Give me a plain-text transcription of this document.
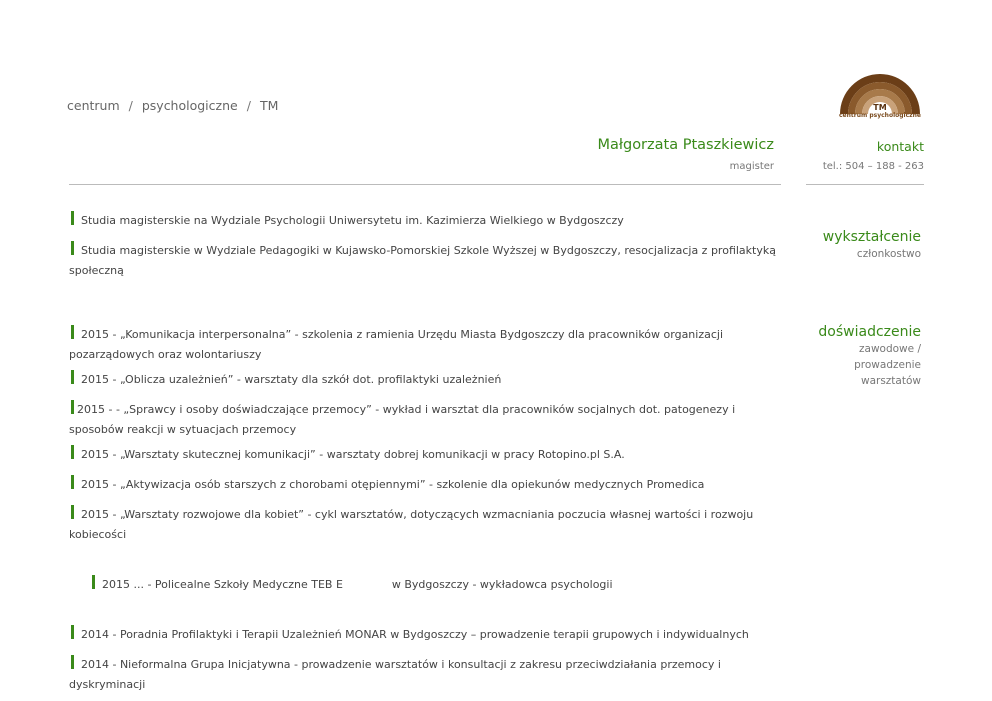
centrum / psychologiczne / TM	TM
centrum psychologiczne
Małgorzata Ptaszkiewicz
magister
kontakt
tel.: 504 – 188 - 263

Studia magisterskie na Wydziale Psychologii Uniwersytetu im. Kazimierza Wielkiego w Bydgoszczy

Studia magisterskie w Wydziale Pedagogiki w Kujawsko-Pomorskiej Szkole Wyższej w Bydgoszczy, resocjalizacja z profilaktyką społeczną

2015 - „Komunikacja interpersonalna” - szkolenia z ramienia Urzędu Miasta Bydgoszczy dla pracowników organizacji pozarządowych oraz wolontariuszy

2015 - „Oblicza uzależnień” - warsztaty dla szkół dot. profilaktyki uzależnień

2015 - - „Sprawcy i osoby doświadczające przemocy” - wykład i warsztat dla pracowników socjalnych dot. patogenezy i sposobów reakcji w sytuacjach przemocy

2015 - „Warsztaty skutecznej komunikacji” - warsztaty dobrej komunikacji w pracy Rotopino.pl S.A.

2015 - „Aktywizacja osób starszych z chorobami otępiennymi” - szkolenie dla opiekunów medycznych Promedica

2015 - „Warsztaty rozwojowe dla kobiet” - cykl warsztatów, dotyczących wzmacniania poczucia własnej wartości i rozwoju kobiecości

2015 ... - Policealne Szkoły Medyczne TEB E              w Bydgoszczy - wykładowca psychologii

2014 - Poradnia Profilaktyki i Terapii Uzależnień MONAR w Bydgoszczy – prowadzenie terapii grupowych i indywidualnych

2014 - Nieformalna Grupa Inicjatywna - prowadzenie warsztatów i konsultacji z zakresu przeciwdziałania przemocy i dyskryminacji

wykształcenie
członkostwo
doświadczenie
zawodowe / prowadzenie warsztatów
